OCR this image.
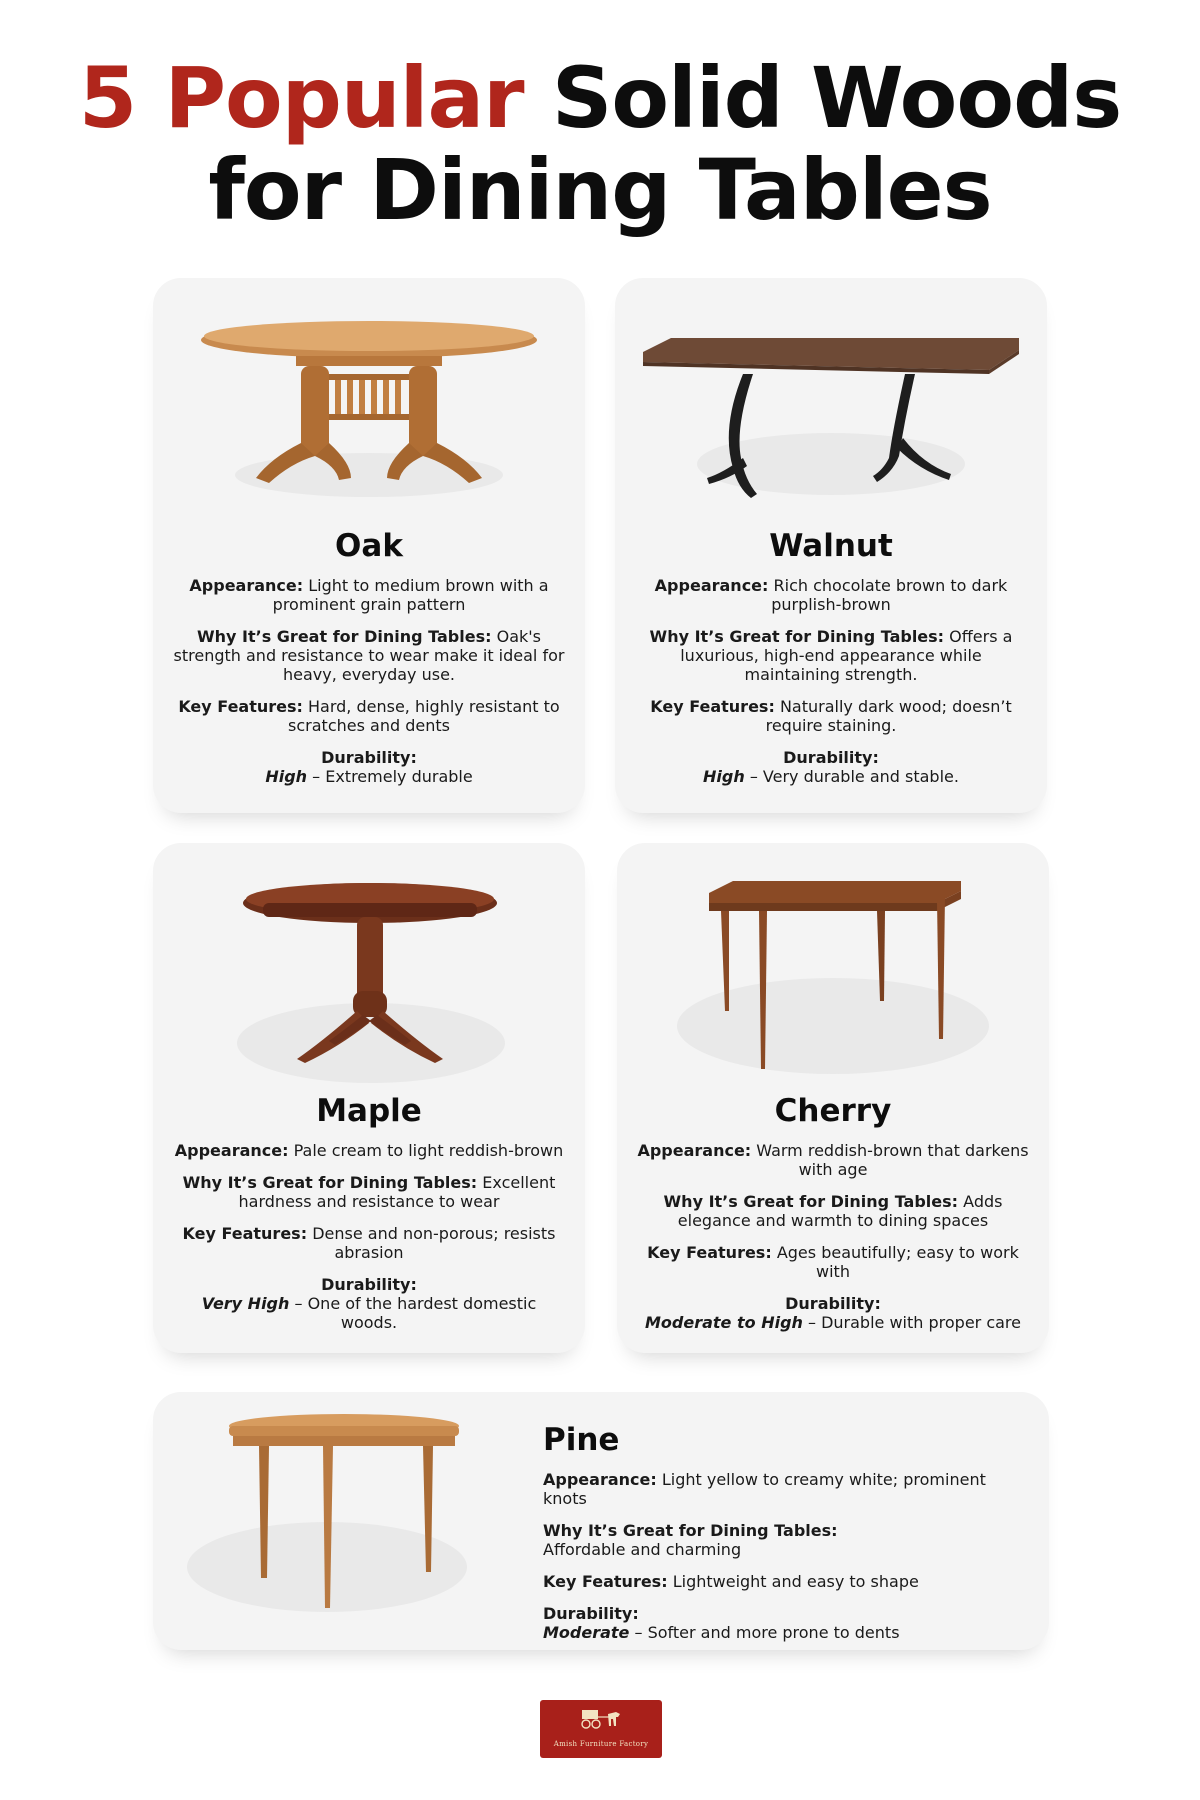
5 Popular Solid Woods
for Dining Tables
Oak

Appearance: Light to medium brown with a prominent grain pattern

Why It’s Great for Dining Tables: Oak's strength and resistance to wear make it ideal for heavy, everyday use.

Key Features: Hard, dense, highly resistant to scratches and dents

Durability:
High – Extremely durable

Walnut

Appearance: Rich chocolate brown to dark purplish-brown

Why It’s Great for Dining Tables: Offers a luxurious, high-end appearance while maintaining strength.

Key Features: Naturally dark wood; doesn’t require staining.

Durability:
High – Very durable and stable.

Maple

Appearance: Pale cream to light reddish-brown

Why It’s Great for Dining Tables: Excellent hardness and resistance to wear

Key Features: Dense and non-porous; resists abrasion

Durability:
Very High – One of the hardest domestic woods.

Cherry

Appearance: Warm reddish-brown that darkens with age

Why It’s Great for Dining Tables: Adds elegance and warmth to dining spaces

Key Features: Ages beautifully; easy to work with

Durability:
Moderate to High – Durable with proper care

Pine

Appearance: Light yellow to creamy white; prominent knots

Why It’s Great for Dining Tables:
Affordable and charming

Key Features: Lightweight and easy to shape

Durability:
Moderate – Softer and more prone to dents

Amish Furniture Factory
